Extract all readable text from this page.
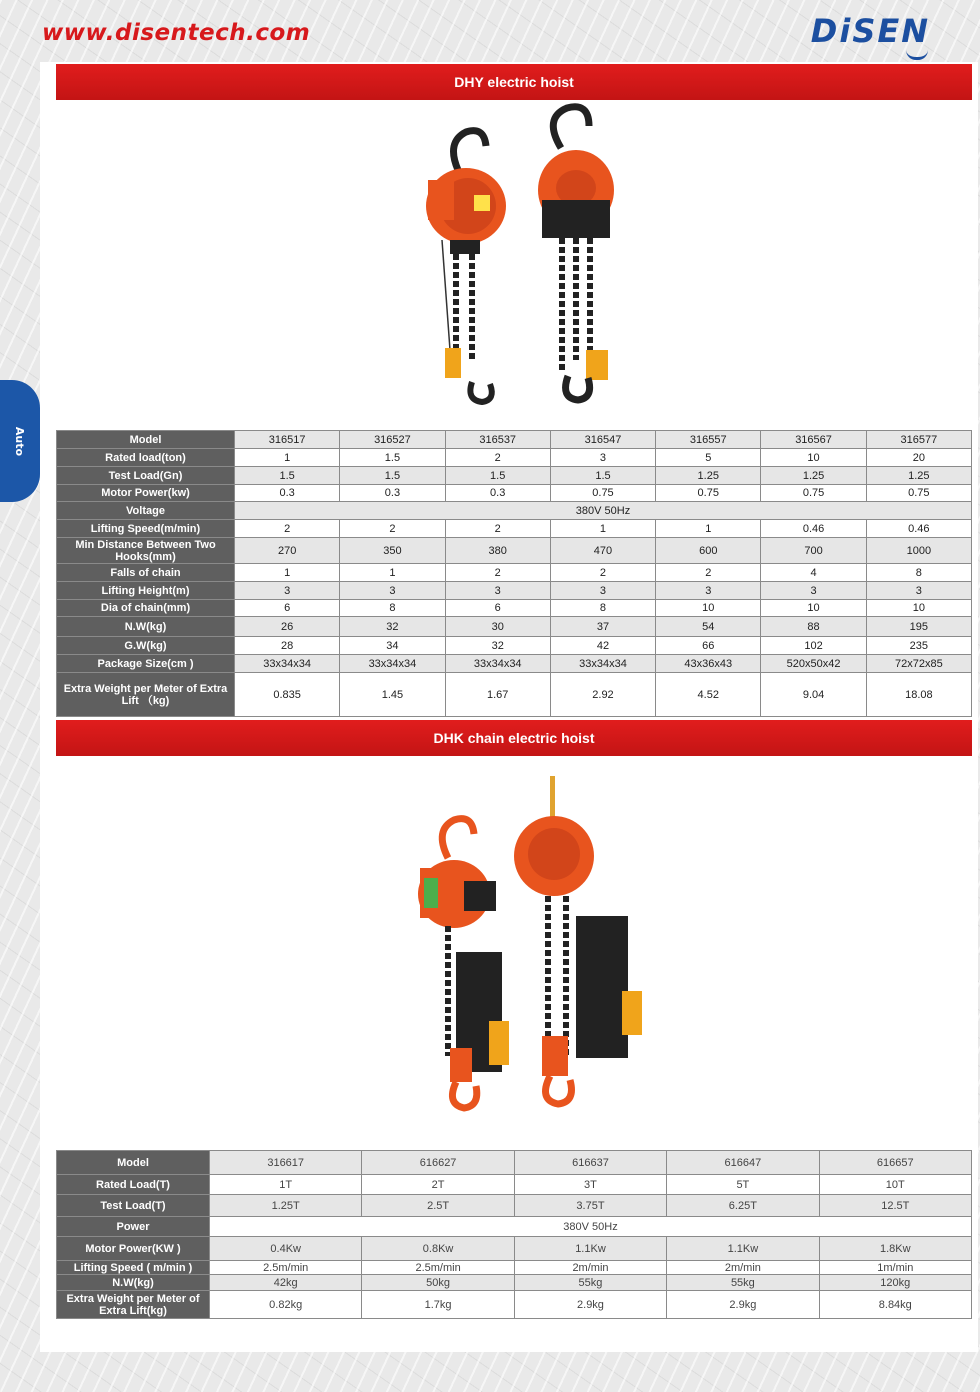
www.disentech.com	DiSEN
Auto
DHY electric hoist
Model	316517	316527	316537	316547	316557	316567	316577
Rated load(ton)	1	1.5	2	3	5	10	20
Test Load(Gn)	1.5	1.5	1.5	1.5	1.25	1.25	1.25
Motor Power(kw)	0.3	0.3	0.3	0.75	0.75	0.75	0.75
Voltage	380V 50Hz						
Lifting Speed(m/min)	2	2	2	1	1	0.46	0.46
Min Distance Between Two Hooks(mm)	270	350	380	470	600	700	1000
Falls of chain	1	1	2	2	2	4	8
Lifting Height(m)	3	3	3	3	3	3	3
Dia of chain(mm)	6	8	6	8	10	10	10
N.W(kg)	26	32	30	37	54	88	195
G.W(kg)	28	34	32	42	66	102	235
Package Size(cm )	33x34x34	33x34x34	33x34x34	33x34x34	43x36x43	520x50x42	72x72x85
Extra Weight per Meter of Extra Lift （kg)	0.835	1.45	1.67	2.92	4.52	9.04	18.08
DHK chain electric hoist
Model	316617	616627	616637	616647	616657
Rated Load(T)	1T	2T	3T	5T	10T
Test Load(T)	1.25T	2.5T	3.75T	6.25T	12.5T
Power	380V 50Hz				
Motor Power(KW )	0.4Kw	0.8Kw	1.1Kw	1.1Kw	1.8Kw
Lifting Speed ( m/min )	2.5m/min	2.5m/min	2m/min	2m/min	1m/min
N.W(kg)	42kg	50kg	55kg	55kg	120kg
Extra Weight per Meter of Extra Lift(kg)	0.82kg	1.7kg	2.9kg	2.9kg	8.84kg
